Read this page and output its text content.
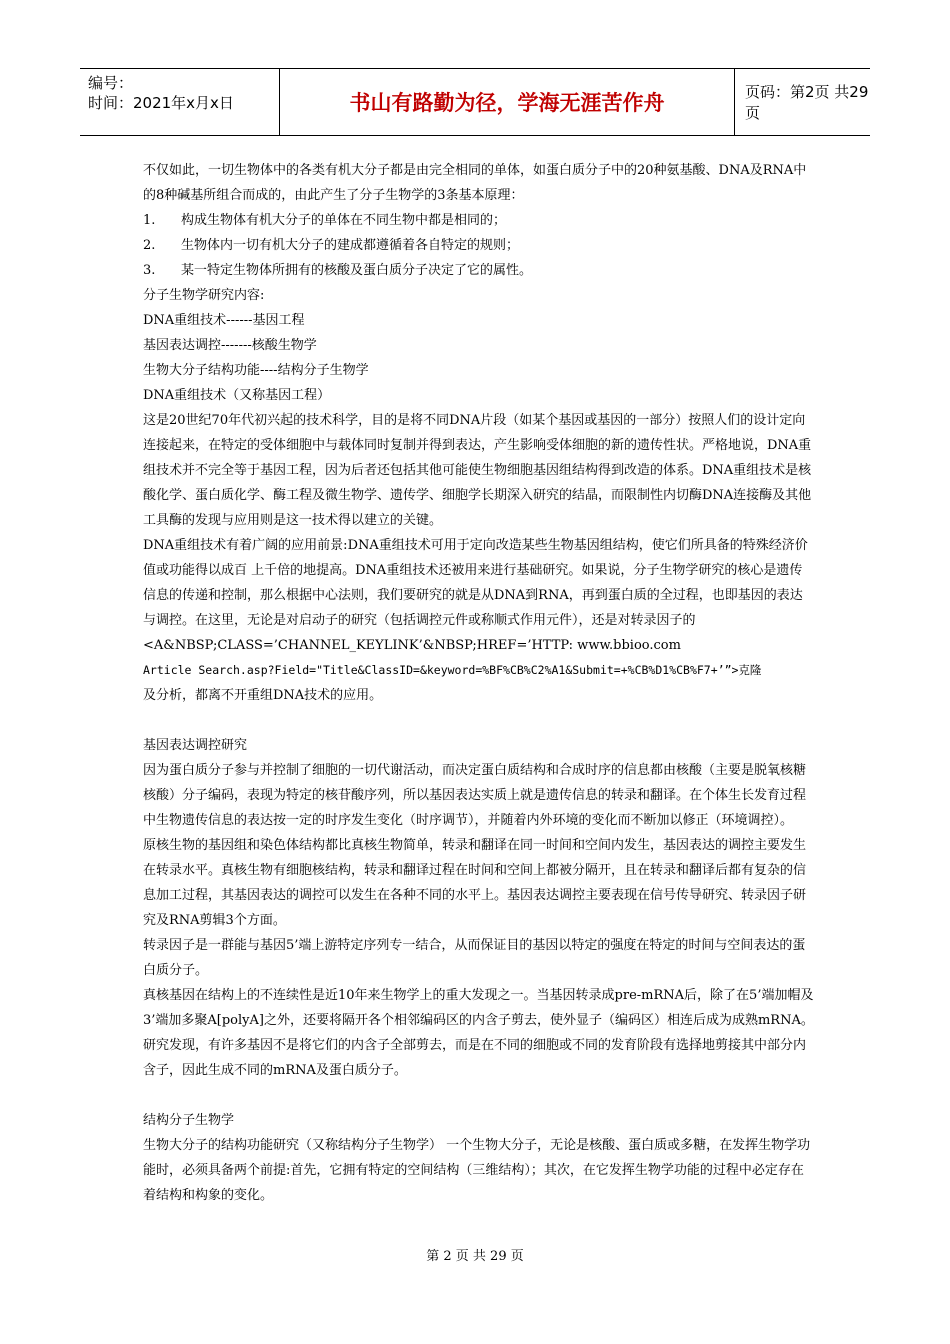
编号：
时间：2021年x月x日	书山有路勤为径，学海无涯苦作舟	页码：第2页 共29页

不仅如此，一切生物体中的各类有机大分子都是由完全相同的单体，如蛋白质分子中的20种氨基酸、DNA及RNA中的8种碱基所组合而成的，由此产生了分子生物学的3条基本原理：

1. 构成生物体有机大分子的单体在不同生物中都是相同的；

2. 生物体内一切有机大分子的建成都遵循着各自特定的规则；

3. 某一特定生物体所拥有的核酸及蛋白质分子决定了它的属性。

分子生物学研究内容:

DNA重组技术------基因工程

基因表达调控-------核酸生物学

生物大分子结构功能----结构分子生物学

DNA重组技术（又称基因工程）

这是20世纪70年代初兴起的技术科学，目的是将不同DNA片段（如某个基因或基因的一部分）按照人们的设计定向连接起来，在特定的受体细胞中与载体同时复制并得到表达，产生影响受体细胞的新的遗传性状。严格地说，DNA重组技术并不完全等于基因工程，因为后者还包括其他可能使生物细胞基因组结构得到改造的体系。DNA重组技术是核酸化学、蛋白质化学、酶工程及微生物学、遗传学、细胞学长期深入研究的结晶，而限制性内切酶DNA连接酶及其他工具酶的发现与应用则是这一技术得以建立的关键。

DNA重组技术有着广阔的应用前景:DNA重组技术可用于定向改造某些生物基因组结构，使它们所具备的特殊经济价值或功能得以成百 上千倍的地提高。DNA重组技术还被用来进行基础研究。如果说，分子生物学研究的核心是遗传信息的传递和控制，那么根据中心法则，我们要研究的就是从DNA到RNA，再到蛋白质的全过程，也即基因的表达与调控。在这里，无论是对启动子的研究（包括调控元件或称顺式作用元件），还是对转录因子的<A&NBSP;CLASS=’CHANNEL_KEYLINK’&NBSP;HREF=’HTTP: www.bbioo.com

Article Search.asp?Field="Title&ClassID=&keyword=%BF%CB%C2%A1&Submit=+%CB%D1%CB%F7+’”>克隆

及分析，都离不开重组DNA技术的应用。

基因表达调控研究

因为蛋白质分子参与并控制了细胞的一切代谢活动，而决定蛋白质结构和合成时序的信息都由核酸（主要是脱氧核糖核酸）分子编码，表现为特定的核苷酸序列，所以基因表达实质上就是遗传信息的转录和翻译。在个体生长发育过程中生物遗传信息的表达按一定的时序发生变化（时序调节），并随着内外环境的变化而不断加以修正（环境调控）。

原核生物的基因组和染色体结构都比真核生物简单，转录和翻译在同一时间和空间内发生，基因表达的调控主要发生在转录水平。真核生物有细胞核结构，转录和翻译过程在时间和空间上都被分隔开，且在转录和翻译后都有复杂的信息加工过程，其基因表达的调控可以发生在各种不同的水平上。基因表达调控主要表现在信号传导研究、转录因子研究及RNA剪辑3个方面。

转录因子是一群能与基因5’端上游特定序列专一结合，从而保证目的基因以特定的强度在特定的时间与空间表达的蛋白质分子。

真核基因在结构上的不连续性是近10年来生物学上的重大发现之一。当基因转录成pre-mRNA后，除了在5’端加帽及3’端加多聚A[polyA]之外，还要将隔开各个相邻编码区的内含子剪去，使外显子（编码区）相连后成为成熟mRNA。研究发现，有许多基因不是将它们的内含子全部剪去，而是在不同的细胞或不同的发育阶段有选择地剪接其中部分内含子，因此生成不同的mRNA及蛋白质分子。

结构分子生物学

生物大分子的结构功能研究（又称结构分子生物学） 一个生物大分子，无论是核酸、蛋白质或多糖，在发挥生物学功能时，必须具备两个前提:首先，它拥有特定的空间结构（三维结构）；其次，在它发挥生物学功能的过程中必定存在着结构和构象的变化。

第 2 页 共 29 页
